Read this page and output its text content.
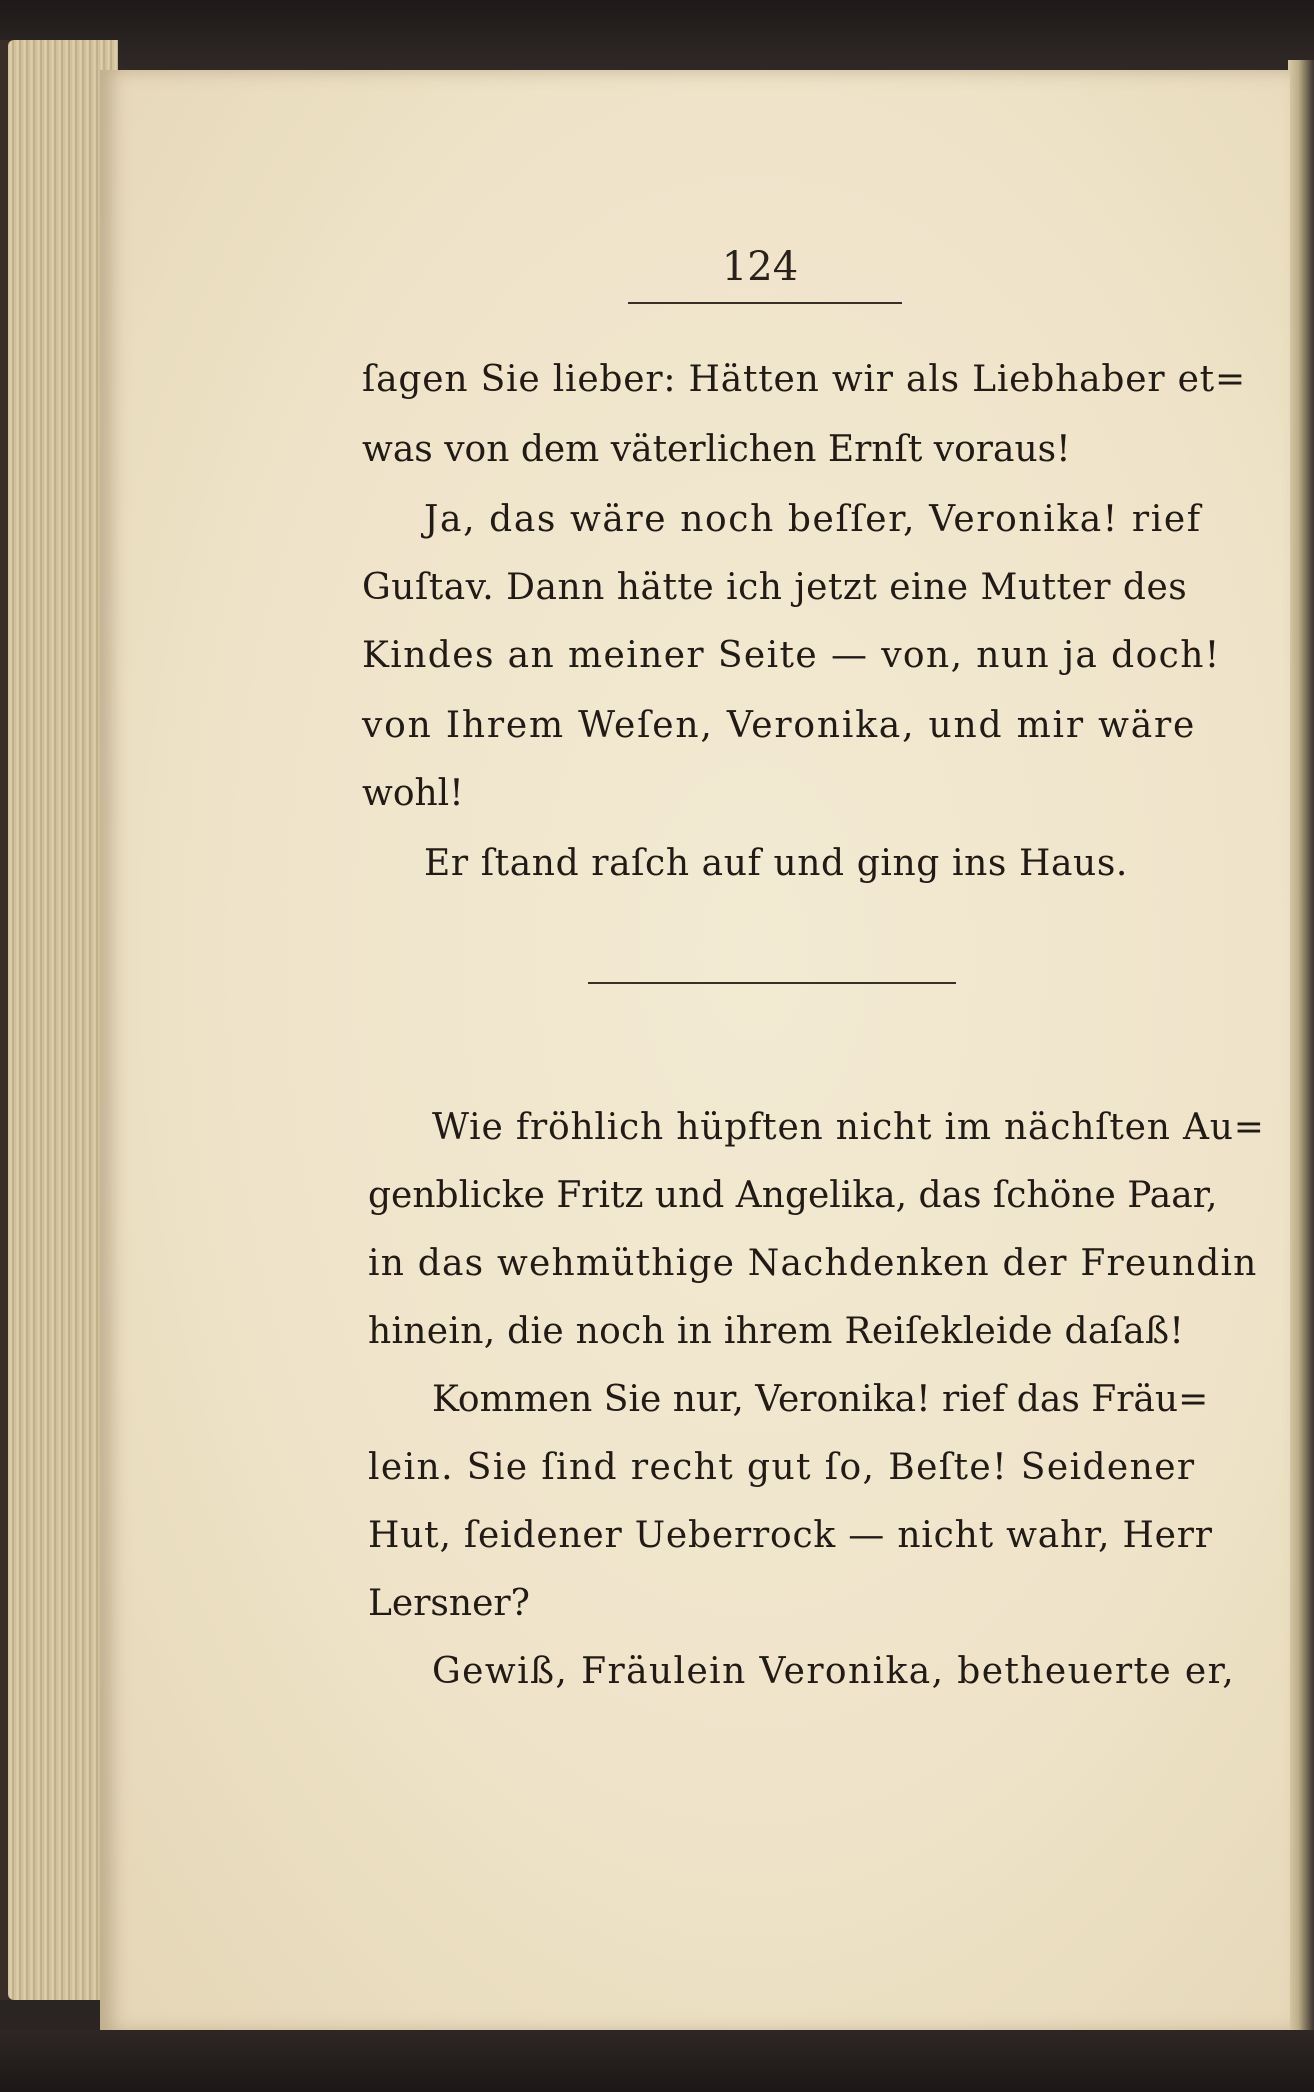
124
ſagen Sie lieber: Hätten wir als Liebhaber et=
was von dem väterlichen Ernſt voraus!
Ja, das wäre noch beſſer, Veronika! rief
Guſtav. Dann hätte ich jetzt eine Mutter des
Kindes an meiner Seite — von, nun ja doch!
von Ihrem Weſen, Veronika, und mir wäre
wohl!
Er ſtand raſch auf und ging ins Haus.
Wie fröhlich hüpften nicht im nächſten Au=
genblicke Fritz und Angelika, das ſchöne Paar,
in das wehmüthige Nachdenken der Freundin
hinein, die noch in ihrem Reiſekleide daſaß!
Kommen Sie nur, Veronika! rief das Fräu=
lein. Sie ſind recht gut ſo, Beſte! Seidener
Hut, ſeidener Ueberrock — nicht wahr, Herr
Lersner?
Gewiß, Fräulein Veronika, betheuerte er,
